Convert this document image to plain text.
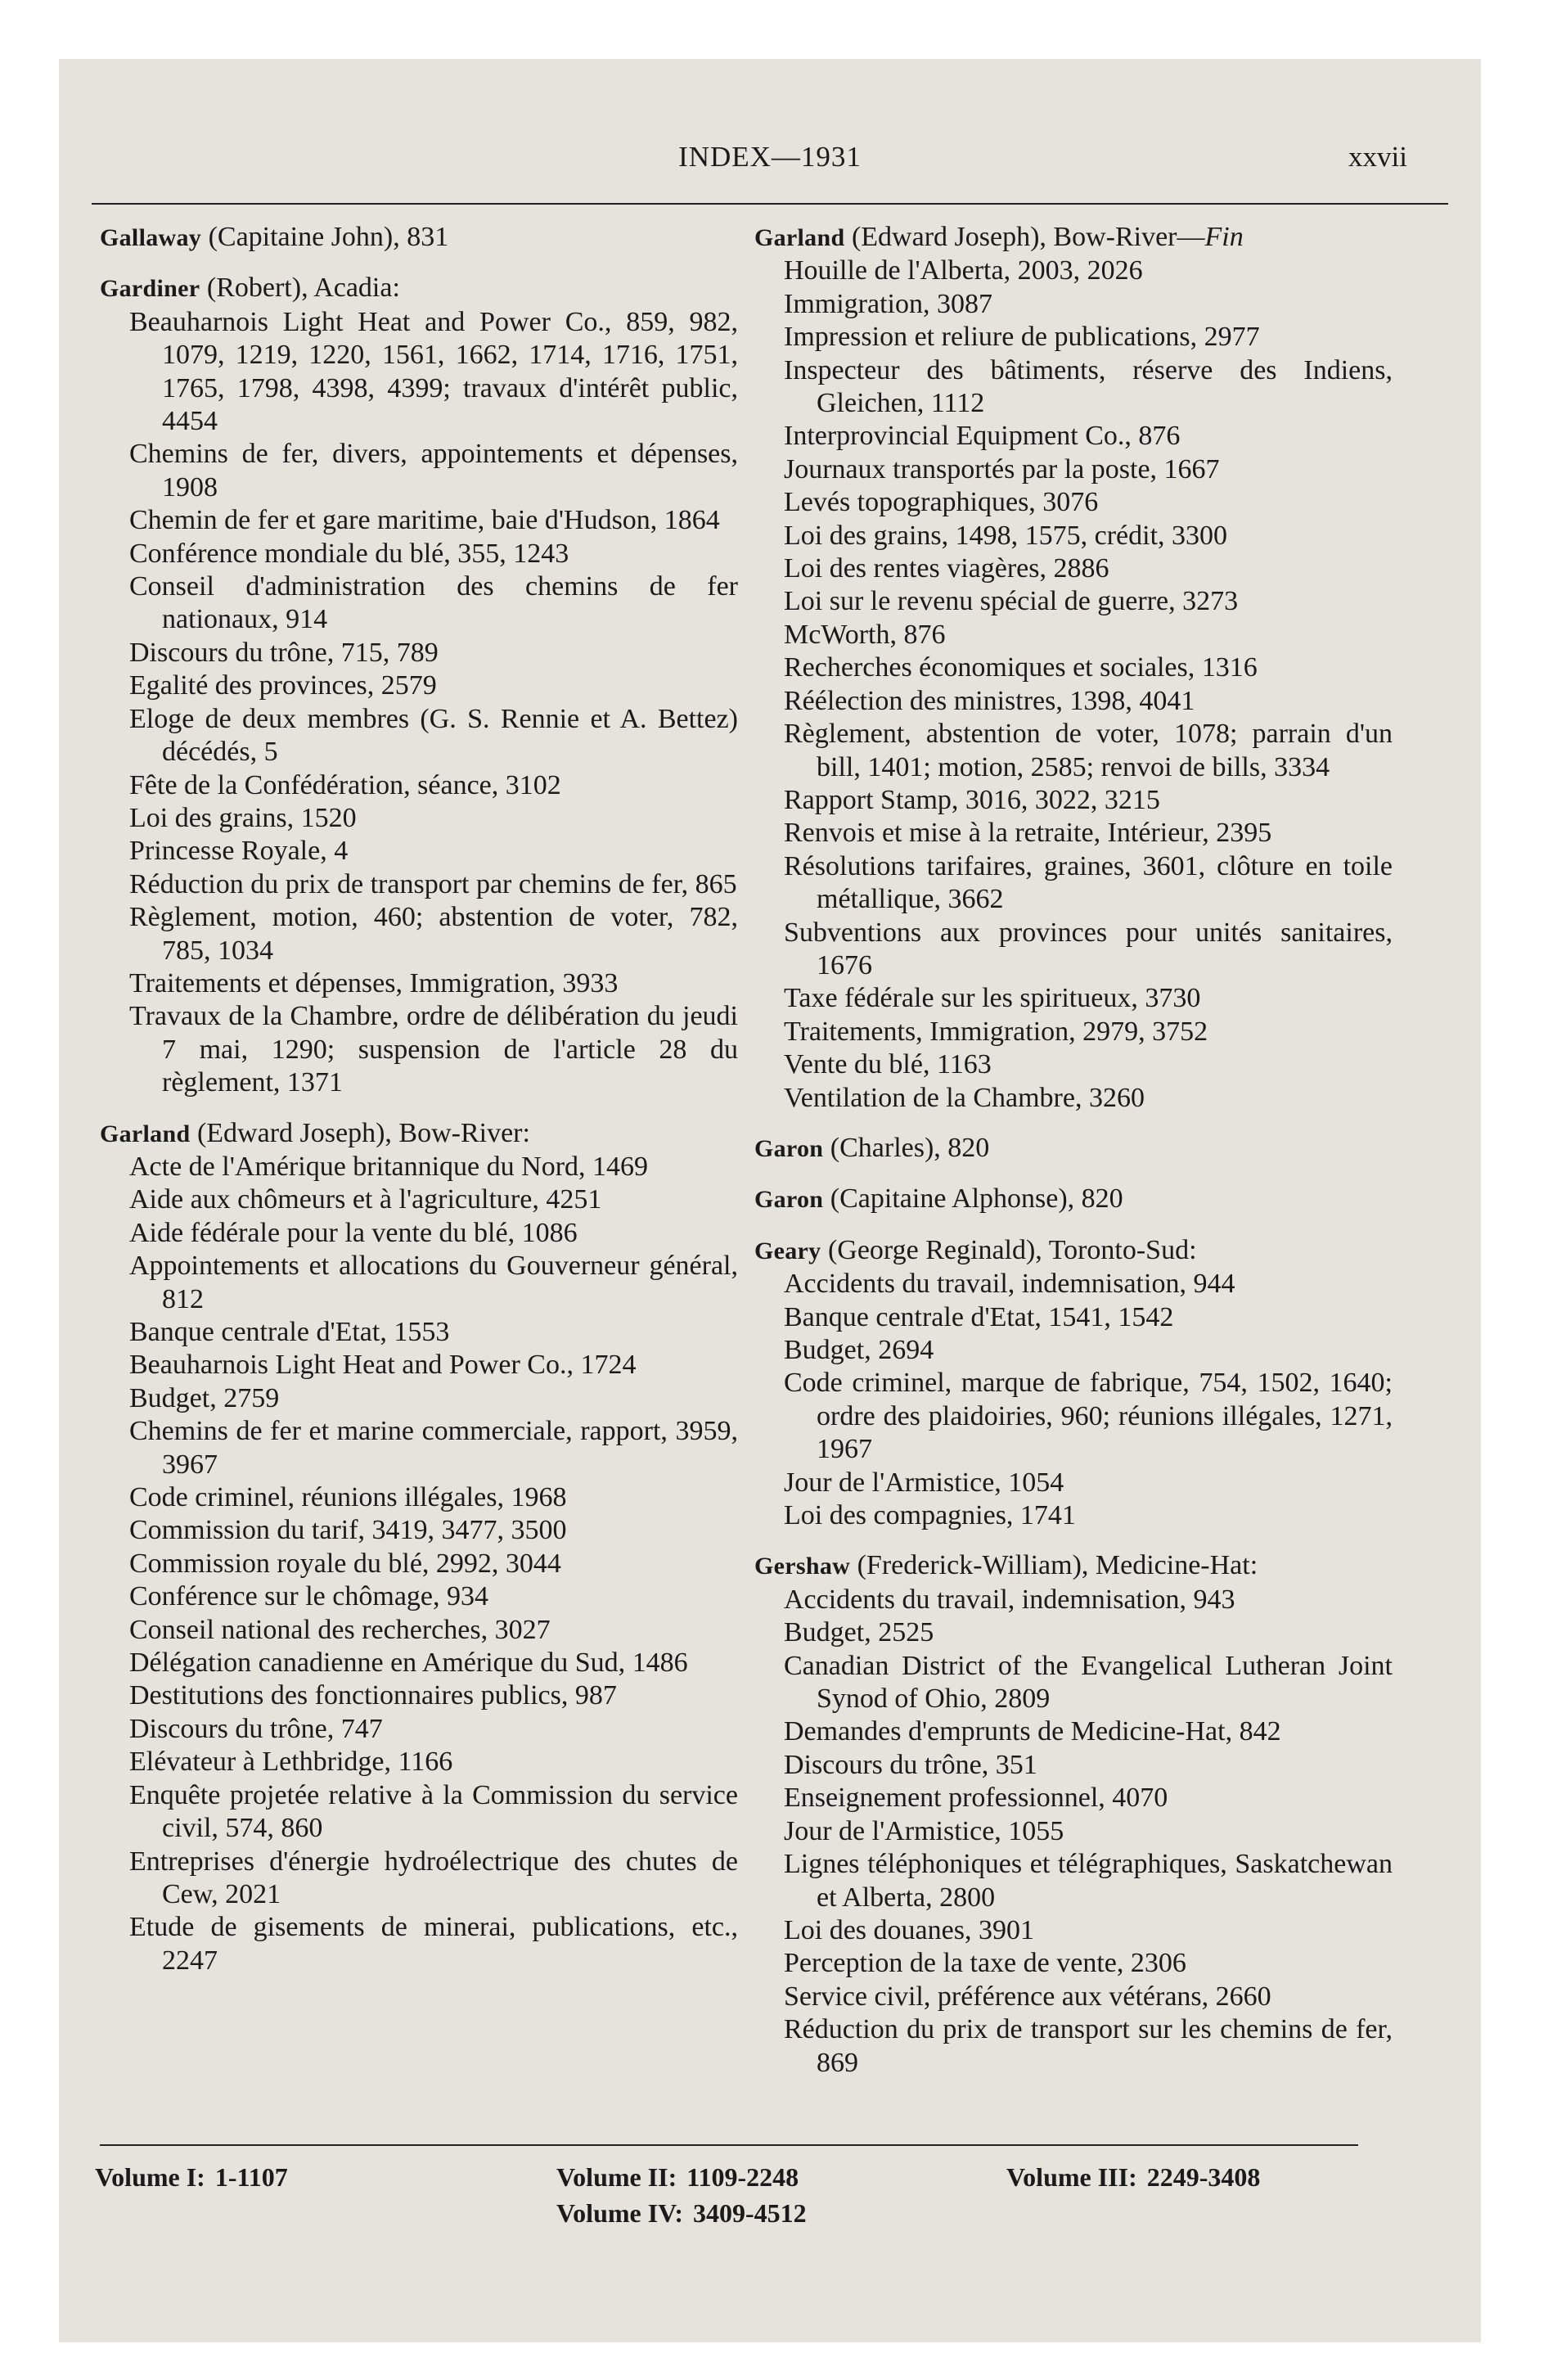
INDEX—1931	xxvii
Gallaway (Capitaine John), 831
Gardiner (Robert), Acadia:
Beauharnois Light Heat and Power Co., 859, 982, 1079, 1219, 1220, 1561, 1662, 1714, 1716, 1751, 1765, 1798, 4398, 4399; travaux d'intérêt public, 4454
Chemins de fer, divers, appointements et dépenses, 1908
Chemin de fer et gare maritime, baie d'Hudson, 1864
Conférence mondiale du blé, 355, 1243
Conseil d'administration des chemins de fer nationaux, 914
Discours du trône, 715, 789
Egalité des provinces, 2579
Eloge de deux membres (G. S. Rennie et A. Bettez) décédés, 5
Fête de la Confédération, séance, 3102
Loi des grains, 1520
Princesse Royale, 4
Réduction du prix de transport par chemins de fer, 865
Règlement, motion, 460; abstention de voter, 782, 785, 1034
Traitements et dépenses, Immigration, 3933
Travaux de la Chambre, ordre de délibération du jeudi 7 mai, 1290; suspension de l'article 28 du règlement, 1371
Garland (Edward Joseph), Bow-River:
Acte de l'Amérique britannique du Nord, 1469
Aide aux chômeurs et à l'agriculture, 4251
Aide fédérale pour la vente du blé, 1086
Appointements et allocations du Gouverneur général, 812
Banque centrale d'Etat, 1553
Beauharnois Light Heat and Power Co., 1724
Budget, 2759
Chemins de fer et marine commerciale, rapport, 3959, 3967
Code criminel, réunions illégales, 1968
Commission du tarif, 3419, 3477, 3500
Commission royale du blé, 2992, 3044
Conférence sur le chômage, 934
Conseil national des recherches, 3027
Délégation canadienne en Amérique du Sud, 1486
Destitutions des fonctionnaires publics, 987
Discours du trône, 747
Elévateur à Lethbridge, 1166
Enquête projetée relative à la Commission du service civil, 574, 860
Entreprises d'énergie hydroélectrique des chutes de Cew, 2021
Etude de gisements de minerai, publications, etc., 2247
Garland (Edward Joseph), Bow-River—Fin
Houille de l'Alberta, 2003, 2026
Immigration, 3087
Impression et reliure de publications, 2977
Inspecteur des bâtiments, réserve des Indiens, Gleichen, 1112
Interprovincial Equipment Co., 876
Journaux transportés par la poste, 1667
Levés topographiques, 3076
Loi des grains, 1498, 1575, crédit, 3300
Loi des rentes viagères, 2886
Loi sur le revenu spécial de guerre, 3273
McWorth, 876
Recherches économiques et sociales, 1316
Réélection des ministres, 1398, 4041
Règlement, abstention de voter, 1078; parrain d'un bill, 1401; motion, 2585; renvoi de bills, 3334
Rapport Stamp, 3016, 3022, 3215
Renvois et mise à la retraite, Intérieur, 2395
Résolutions tarifaires, graines, 3601, clôture en toile métallique, 3662
Subventions aux provinces pour unités sanitaires, 1676
Taxe fédérale sur les spiritueux, 3730
Traitements, Immigration, 2979, 3752
Vente du blé, 1163
Ventilation de la Chambre, 3260
Garon (Charles), 820
Garon (Capitaine Alphonse), 820
Geary (George Reginald), Toronto-Sud:
Accidents du travail, indemnisation, 944
Banque centrale d'Etat, 1541, 1542
Budget, 2694
Code criminel, marque de fabrique, 754, 1502, 1640; ordre des plaidoiries, 960; réunions illégales, 1271, 1967
Jour de l'Armistice, 1054
Loi des compagnies, 1741
Gershaw (Frederick-William), Medicine-Hat:
Accidents du travail, indemnisation, 943
Budget, 2525
Canadian District of the Evangelical Lutheran Joint Synod of Ohio, 2809
Demandes d'emprunts de Medicine-Hat, 842
Discours du trône, 351
Enseignement professionnel, 4070
Jour de l'Armistice, 1055
Lignes téléphoniques et télégraphiques, Saskatchewan et Alberta, 2800
Loi des douanes, 3901
Perception de la taxe de vente, 2306
Service civil, préférence aux vétérans, 2660
Réduction du prix de transport sur les chemins de fer, 869
Volume I: 1-1107	Volume II: 1109-2248
Volume IV: 3409-4512
Volume III: 2249-3408
